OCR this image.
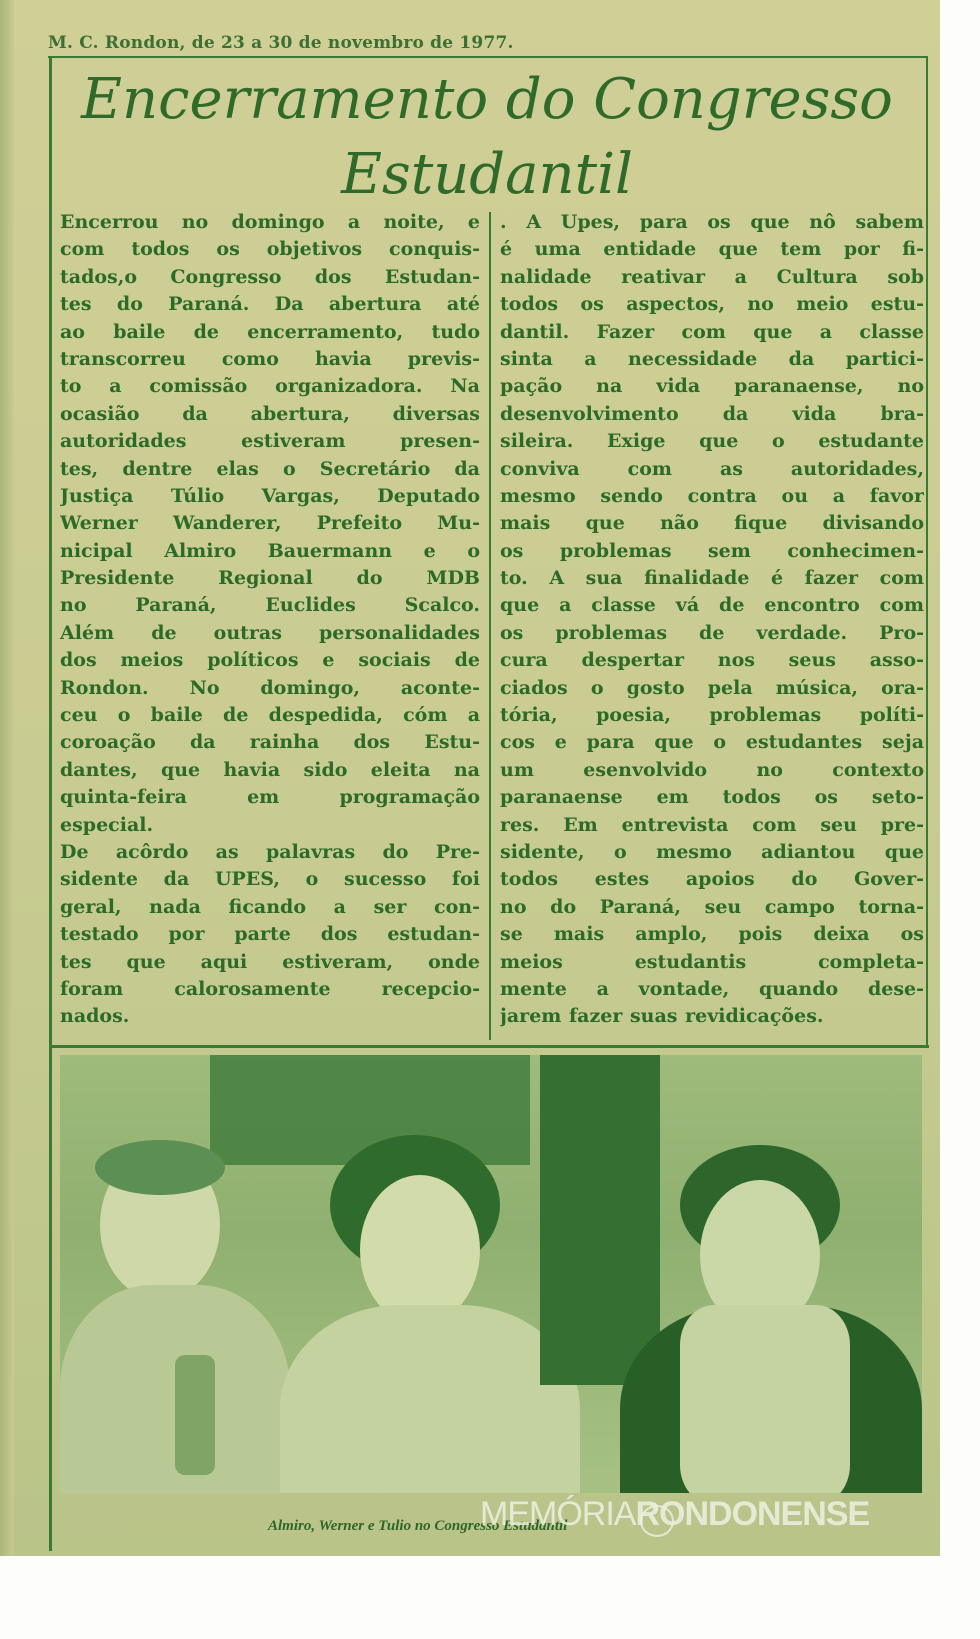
M. C. Rondon, de 23 a 30 de novembro de 1977.
Encerramento do Congresso
Estudantil
Encerrou no domingo a noite, e
com todos os objetivos conquis-
tados,o Congresso dos Estudan-
tes do Paraná. Da abertura até
ao baile de encerramento, tudo
transcorreu como havia previs-
to a comissão organizadora. Na
ocasião da abertura, diversas
autoridades estiveram presen-
tes, dentre elas o Secretário da
Justiça Túlio Vargas, Deputado
Werner Wanderer, Prefeito Mu-
nicipal Almiro Bauermann e o
Presidente Regional do MDB
no Paraná, Euclides Scalco.
Além de outras personalidades
dos meios políticos e sociais de
Rondon. No domingo, aconte-
ceu o baile de despedida, cóm a
coroação da rainha dos Estu-
dantes, que havia sido eleita na
quinta-feira em programação
especial.
De acôrdo as palavras do Pre-
sidente da UPES, o sucesso foi
geral, nada ficando a ser con-
testado por parte dos estudan-
tes que aqui estiveram, onde
foram calorosamente recepcio-
nados.
. A Upes, para os que nô sabem
é uma entidade que tem por fi-
nalidade reativar a Cultura sob
todos os aspectos, no meio estu-
dantil. Fazer com que a classe
sinta a necessidade da partici-
pação na vida paranaense, no
desenvolvimento da vida bra-
sileira. Exige que o estudante
conviva com as autoridades,
mesmo sendo contra ou a favor
mais que não fique divisando
os problemas sem conhecimen-
to. A sua finalidade é fazer com
que a classe vá de encontro com
os problemas de verdade. Pro-
cura despertar nos seus asso-
ciados o gosto pela música, ora-
tória, poesia, problemas políti-
cos e para que o estudantes seja
um esenvolvido no contexto
paranaense em todos os seto-
res. Em entrevista com seu pre-
sidente, o mesmo adiantou que
todos estes apoios do Gover-
no do Paraná, seu campo torna-
se mais amplo, pois deixa os
meios estudantis completa-
mente a vontade, quando dese-
jarem fazer suas revidicações.
Almiro, Werner e Tulio no Congresso Estudantil
MEMÓRIARONDONENSE
